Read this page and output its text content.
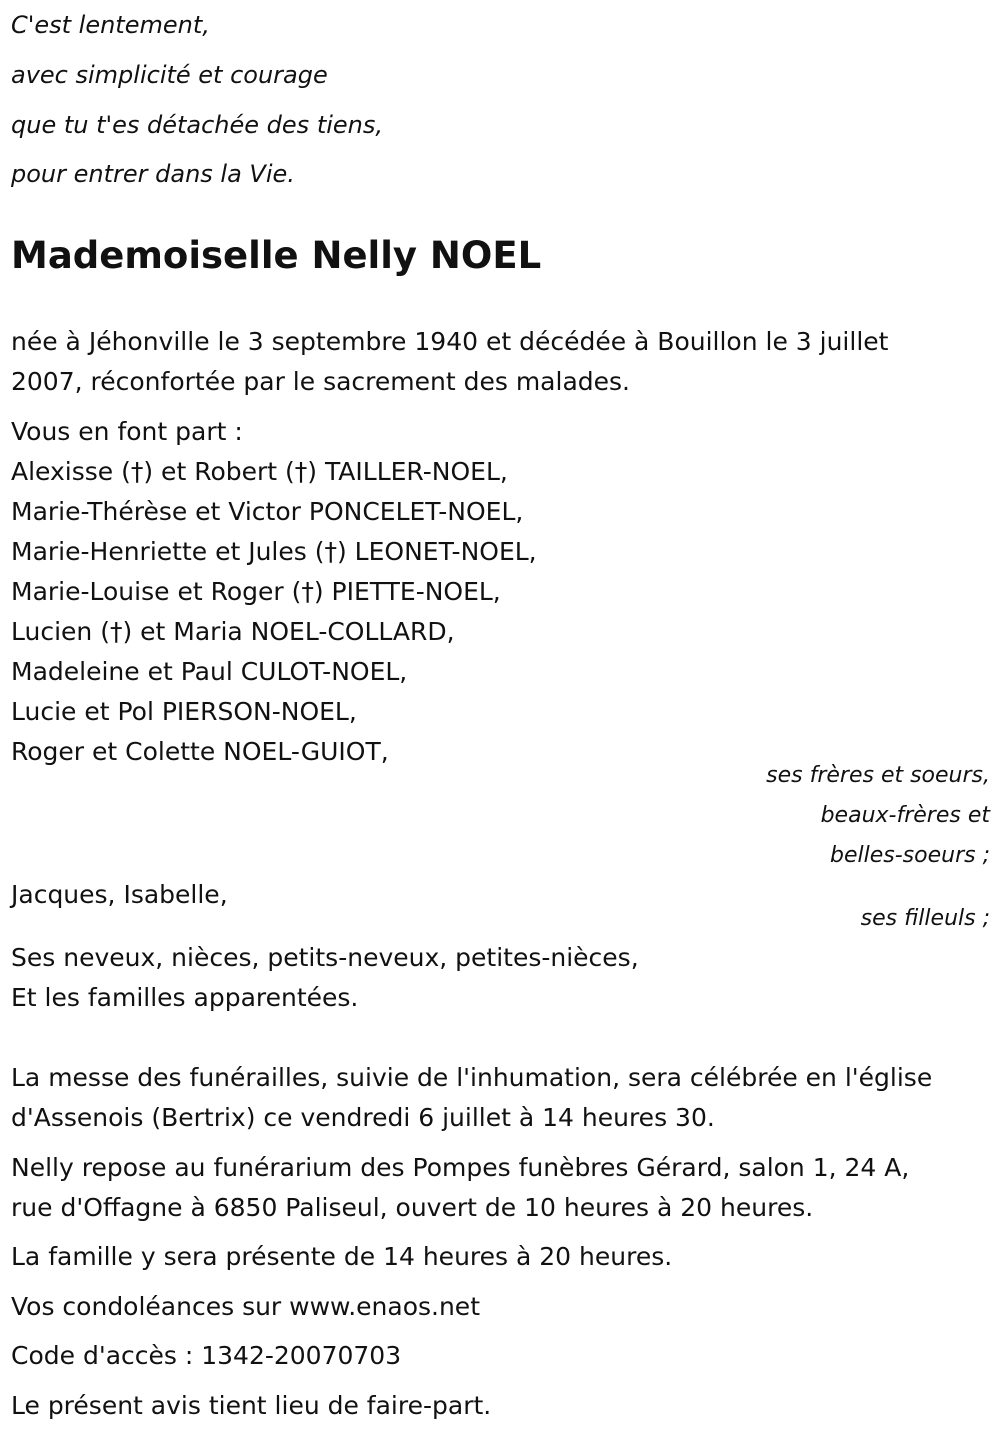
C'est lentement,
avec simplicité et courage
que tu t'es détachée des tiens,
pour entrer dans la Vie.
Mademoiselle Nelly NOEL
née à Jéhonville le 3 septembre 1940 et décédée à Bouillon le 3 juillet
2007, réconfortée par le sacrement des malades.
Vous en font part :
Alexisse (†) et Robert (†) TAILLER-NOEL,
Marie-Thérèse et Victor PONCELET-NOEL,
Marie-Henriette et Jules (†) LEONET-NOEL,
Marie-Louise et Roger (†) PIETTE-NOEL,
Lucien (†) et Maria NOEL-COLLARD,
Madeleine et Paul CULOT-NOEL,
Lucie et Pol PIERSON-NOEL,
Roger et Colette NOEL-GUIOT,
ses frères et soeurs,
beaux-frères et
belles-soeurs ;
Jacques, Isabelle,
ses filleuls ;
Ses neveux, nièces, petits-neveux, petites-nièces,
Et les familles apparentées.
La messe des funérailles, suivie de l'inhumation, sera célébrée en l'église
d'Assenois (Bertrix) ce vendredi 6 juillet à 14 heures 30.
Nelly repose au funérarium des Pompes funèbres Gérard, salon 1, 24 A,
rue d'Offagne à 6850 Paliseul, ouvert de 10 heures à 20 heures.
La famille y sera présente de 14 heures à 20 heures.
Vos condoléances sur www.enaos.net
Code d'accès : 1342-20070703
Le présent avis tient lieu de faire-part.
